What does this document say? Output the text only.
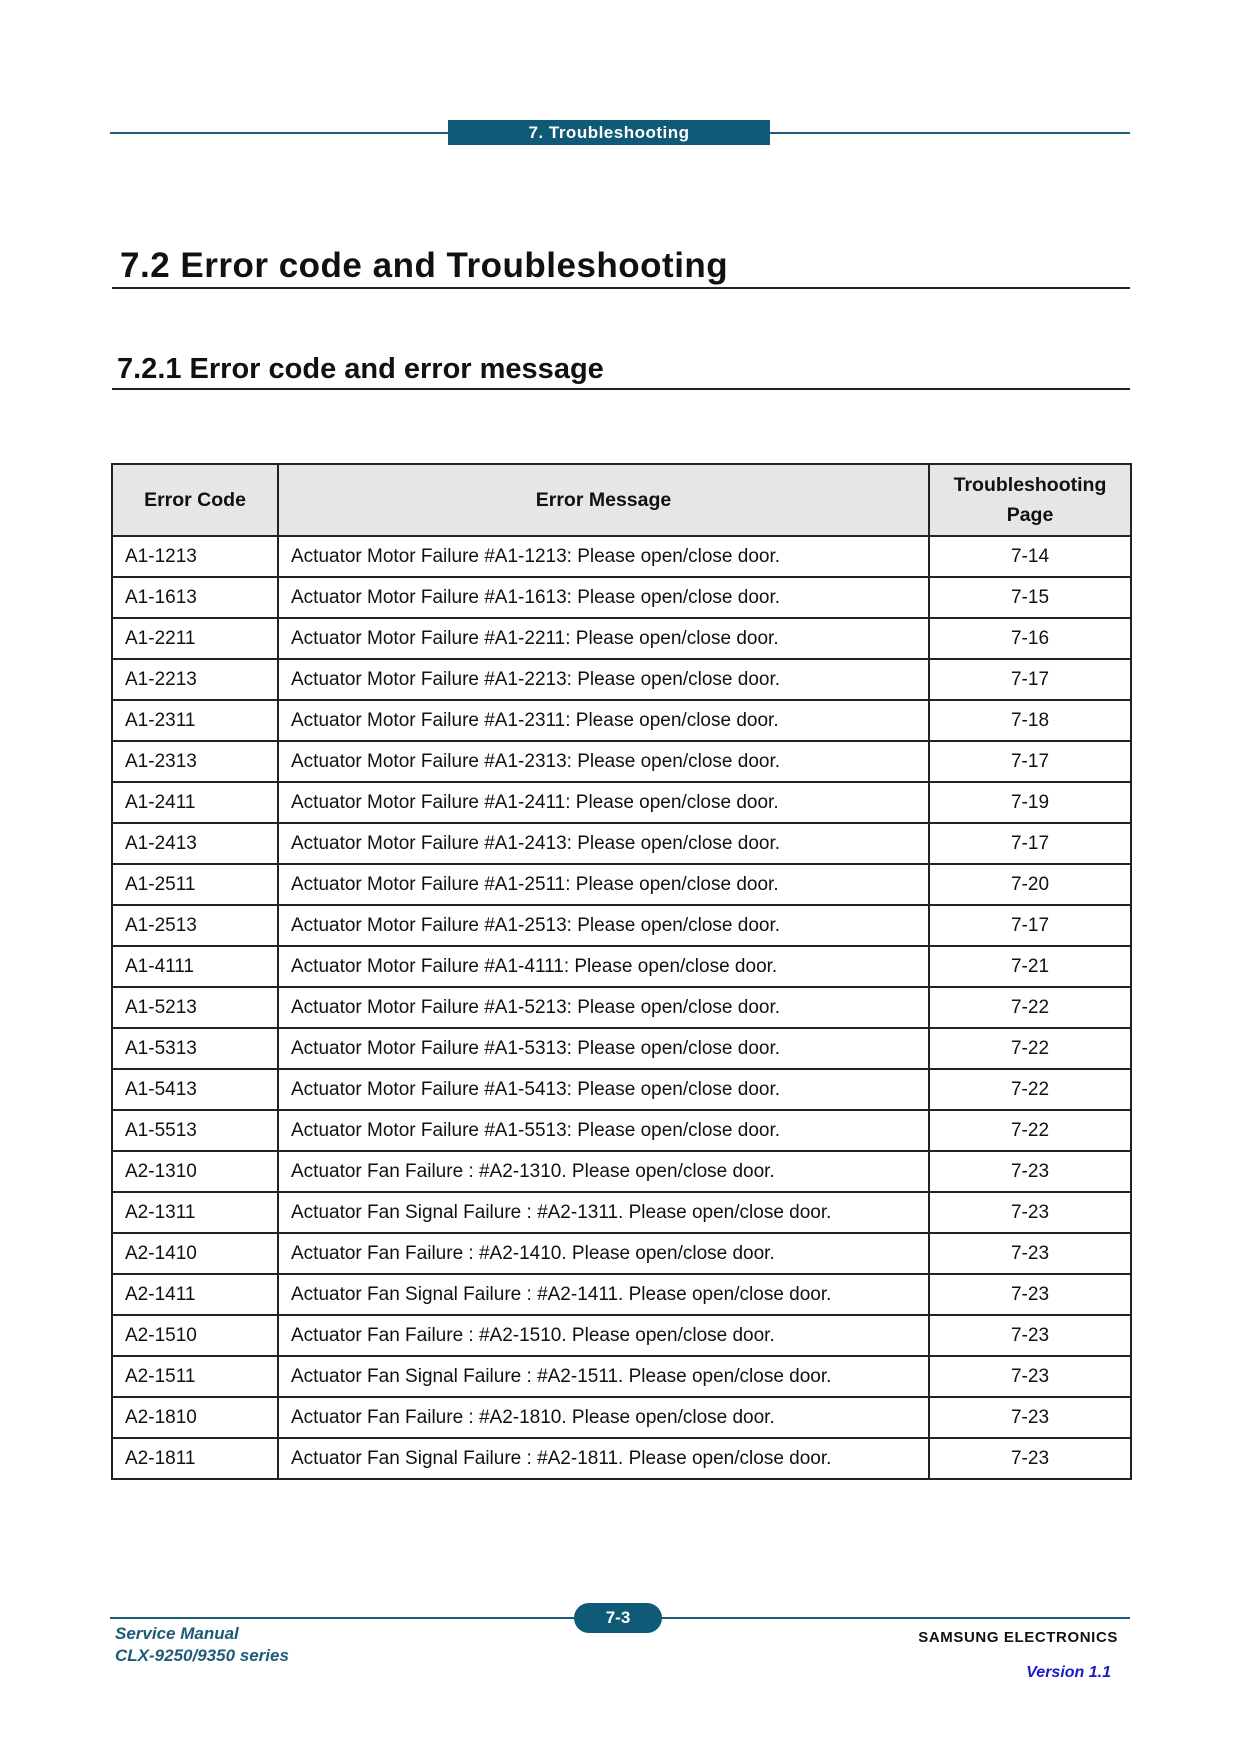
7. Troubleshooting
7.2 Error code and Troubleshooting
7.2.1 Error code and error message
Error Code	Error Message	Troubleshooting Page
A1-1213	Actuator Motor Failure #A1-1213: Please open/close door.	7-14
A1-1613	Actuator Motor Failure #A1-1613: Please open/close door.	7-15
A1-2211	Actuator Motor Failure #A1-2211: Please open/close door.	7-16
A1-2213	Actuator Motor Failure #A1-2213: Please open/close door.	7-17
A1-2311	Actuator Motor Failure #A1-2311: Please open/close door.	7-18
A1-2313	Actuator Motor Failure #A1-2313: Please open/close door.	7-17
A1-2411	Actuator Motor Failure #A1-2411: Please open/close door.	7-19
A1-2413	Actuator Motor Failure #A1-2413: Please open/close door.	7-17
A1-2511	Actuator Motor Failure #A1-2511: Please open/close door.	7-20
A1-2513	Actuator Motor Failure #A1-2513: Please open/close door.	7-17
A1-4111	Actuator Motor Failure #A1-4111: Please open/close door.	7-21
A1-5213	Actuator Motor Failure #A1-5213: Please open/close door.	7-22
A1-5313	Actuator Motor Failure #A1-5313: Please open/close door.	7-22
A1-5413	Actuator Motor Failure #A1-5413: Please open/close door.	7-22
A1-5513	Actuator Motor Failure #A1-5513: Please open/close door.	7-22
A2-1310	Actuator Fan Failure : #A2-1310. Please open/close door.	7-23
A2-1311	Actuator Fan Signal Failure : #A2-1311. Please open/close door.	7-23
A2-1410	Actuator Fan Failure : #A2-1410. Please open/close door.	7-23
A2-1411	Actuator Fan Signal Failure : #A2-1411. Please open/close door.	7-23
A2-1510	Actuator Fan Failure : #A2-1510. Please open/close door.	7-23
A2-1511	Actuator Fan Signal Failure : #A2-1511. Please open/close door.	7-23
A2-1810	Actuator Fan Failure : #A2-1810. Please open/close door.	7-23
A2-1811	Actuator Fan Signal Failure : #A2-1811. Please open/close door.	7-23
7-3
Service Manual
CLX-9250/9350 series
SAMSUNG ELECTRONICS
Version 1.1
